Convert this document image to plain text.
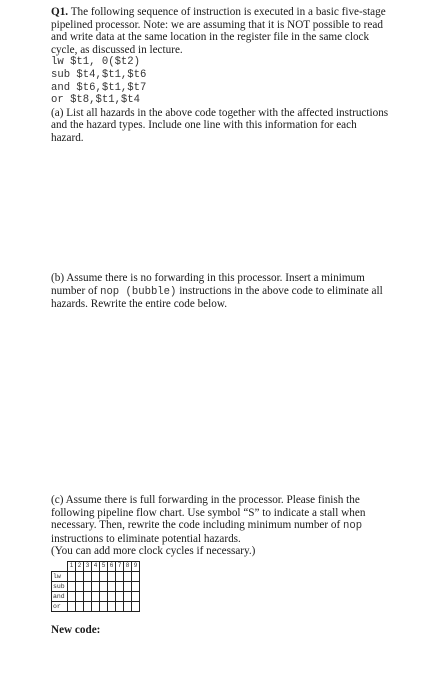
Q1. The following sequence of instruction is executed in a basic five-stage pipelined processor. Note: we are assuming that it is NOT possible to read and write data at the same location in the register file in the same clock cycle, as discussed in lecture.
lw $t1, 0($t2)
sub $t4,$t1,$t6
and $t6,$t1,$t7
or $t8,$t1,$t4
(a) List all hazards in the above code together with the affected instructions and the hazard types. Include one line with this information for each hazard.
(b) Assume there is no forwarding in this processor. Insert a minimum number of nop (bubble) instructions in the above code to eliminate all hazards. Rewrite the entire code below.
(c) Assume there is full forwarding in the processor. Please finish the following pipeline flow chart. Use symbol “S” to indicate a stall when necessary. Then, rewrite the code including minimum number of nop instructions to eliminate potential hazards.
(You can add more clock cycles if necessary.)
	1	2	3	4	5	6	7	8	9
lw									
sub									
and									
or									
New code:
